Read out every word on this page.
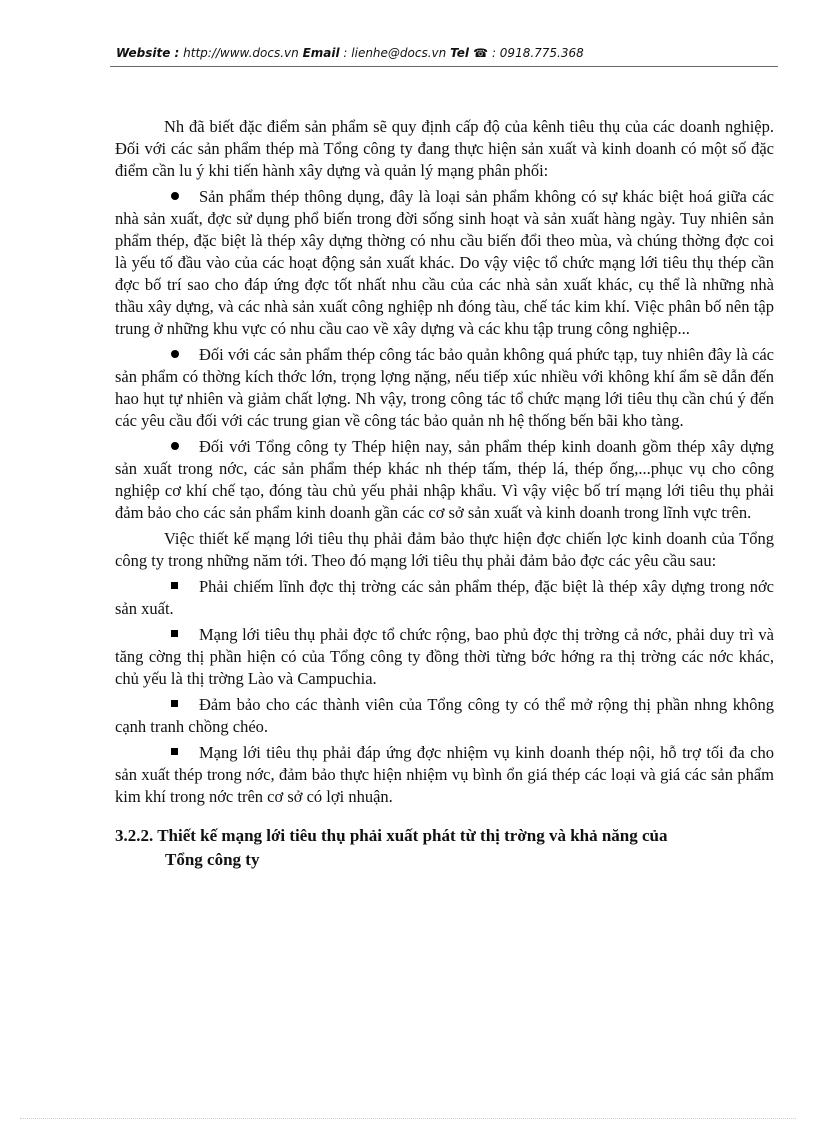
Website : http://www.docs.vn Email : lienhe@docs.vn Tel ☎ : 0918.775.368

Nh đã biết đặc điểm sản phẩm sẽ quy định cấp độ của kênh tiêu thụ của các doanh nghiệp. Đối với các sản phẩm thép mà Tổng công ty đang thực hiện sản xuất và kinh doanh có một số đặc điểm cần lu ý khi tiến hành xây dựng và quản lý mạng phân phối:

Sản phẩm thép thông dụng, đây là loại sản phẩm không có sự khác biệt hoá giữa các nhà sản xuất, đợc sử dụng phổ biến trong đời sống sinh hoạt và sản xuất hàng ngày. Tuy nhiên sản phẩm thép, đặc biệt là thép xây dựng thờng có nhu cầu biến đổi theo mùa, và chúng thờng đợc coi là yếu tố đầu vào của các hoạt động sản xuất khác. Do vậy việc tổ chức mạng lới tiêu thụ thép cần đợc bố trí sao cho đáp ứng đợc tốt nhất nhu cầu của các nhà sản xuất khác, cụ thể là những nhà thầu xây dựng, và các nhà sản xuất công nghiệp nh đóng tàu, chế tác kim khí. Việc phân bố nên tập trung ở những khu vực có nhu cầu cao về xây dựng và các khu tập trung công nghiệp...

Đối với các sản phẩm thép công tác bảo quản không quá phức tạp, tuy nhiên đây là các sản phẩm có thờng kích thớc lớn, trọng lợng nặng, nếu tiếp xúc nhiều với không khí ẩm sẽ dẫn đến hao hụt tự nhiên và giảm chất lợng. Nh vậy, trong công tác tổ chức mạng lới tiêu thụ cần chú ý đến các yêu cầu đối với các trung gian về công tác bảo quản nh hệ thống bến bãi kho tàng.

Đối với Tổng công ty Thép hiện nay, sản phẩm thép kinh doanh gồm thép xây dựng sản xuất trong nớc, các sản phẩm thép khác nh thép tấm, thép lá, thép ống,...phục vụ cho công nghiệp cơ khí chế tạo, đóng tàu chủ yếu phải nhập khẩu. Vì vậy việc bố trí mạng lới tiêu thụ phải đảm bảo cho các sản phẩm kinh doanh gần các cơ sở sản xuất và kinh doanh trong lĩnh vực trên.

Việc thiết kế mạng lới tiêu thụ phải đảm bảo thực hiện đợc chiến lợc kinh doanh của Tổng công ty trong những năm tới. Theo đó mạng lới tiêu thụ phải đảm bảo đợc các yêu cầu sau:

Phải chiếm lĩnh đợc thị trờng các sản phẩm thép, đặc biệt là thép xây dựng trong nớc sản xuất.

Mạng lới tiêu thụ phải đợc tổ chức rộng, bao phủ đợc thị trờng cả nớc, phải duy trì và tăng cờng thị phần hiện có của Tổng công ty đồng thời từng bớc hớng ra thị trờng các nớc khác, chủ yếu là thị trờng Lào và Campuchia.

Đảm bảo cho các thành viên của Tổng công ty có thể mở rộng thị phần nhng không cạnh tranh chồng chéo.

Mạng lới tiêu thụ phải đáp ứng đợc nhiệm vụ kinh doanh thép nội, hỗ trợ tối đa cho sản xuất thép trong nớc, đảm bảo thực hiện nhiệm vụ bình ổn giá thép các loại và giá các sản phẩm kim khí trong nớc trên cơ sở có lợi nhuận.

3.2.2. Thiết kế mạng lới tiêu thụ phải xuất phát từ thị trờng và khả năng của
Tổng công ty
